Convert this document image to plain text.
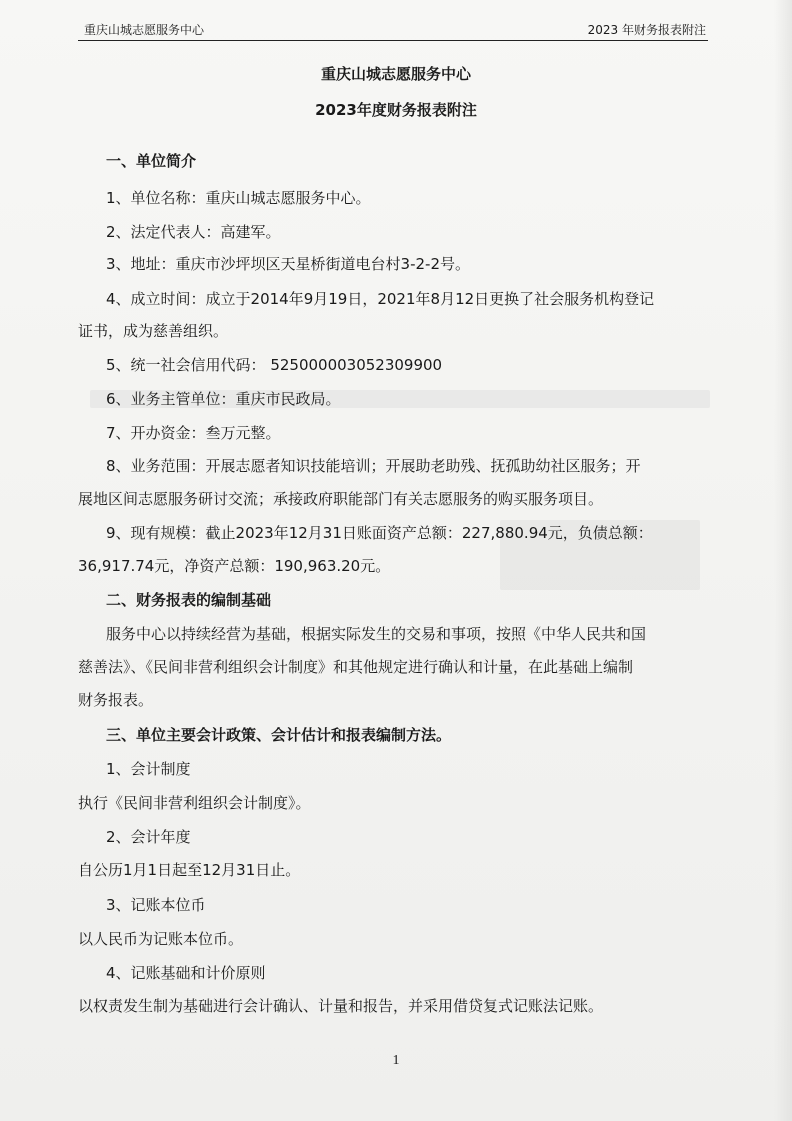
重庆山城志愿服务中心	2023 年财务报表附注
重庆山城志愿服务中心
2023年度财务报表附注
一、单位简介
1、单位名称：重庆山城志愿服务中心。
2、法定代表人：高建军。
3、地址：重庆市沙坪坝区天星桥街道电台村3-2-2号。
4、成立时间：成立于2014年9月19日，2021年8月12日更换了社会服务机构登记
证书，成为慈善组织。
5、统一社会信用代码： 525000003052309900
6、业务主管单位：重庆市民政局。
7、开办资金：叁万元整。
8、业务范围：开展志愿者知识技能培训；开展助老助残、抚孤助幼社区服务；开
展地区间志愿服务研讨交流；承接政府职能部门有关志愿服务的购买服务项目。
9、现有规模：截止2023年12月31日账面资产总额：227,880.94元，负债总额：
36,917.74元，净资产总额：190,963.20元。
二、财务报表的编制基础
服务中心以持续经营为基础，根据实际发生的交易和事项，按照《中华人民共和国
慈善法》、《民间非营利组织会计制度》和其他规定进行确认和计量，在此基础上编制
财务报表。
三、单位主要会计政策、会计估计和报表编制方法。
1、会计制度
执行《民间非营利组织会计制度》。
2、会计年度
自公历1月1日起至12月31日止。
3、记账本位币
以人民币为记账本位币。
4、记账基础和计价原则
以权责发生制为基础进行会计确认、计量和报告，并采用借贷复式记账法记账。
1
